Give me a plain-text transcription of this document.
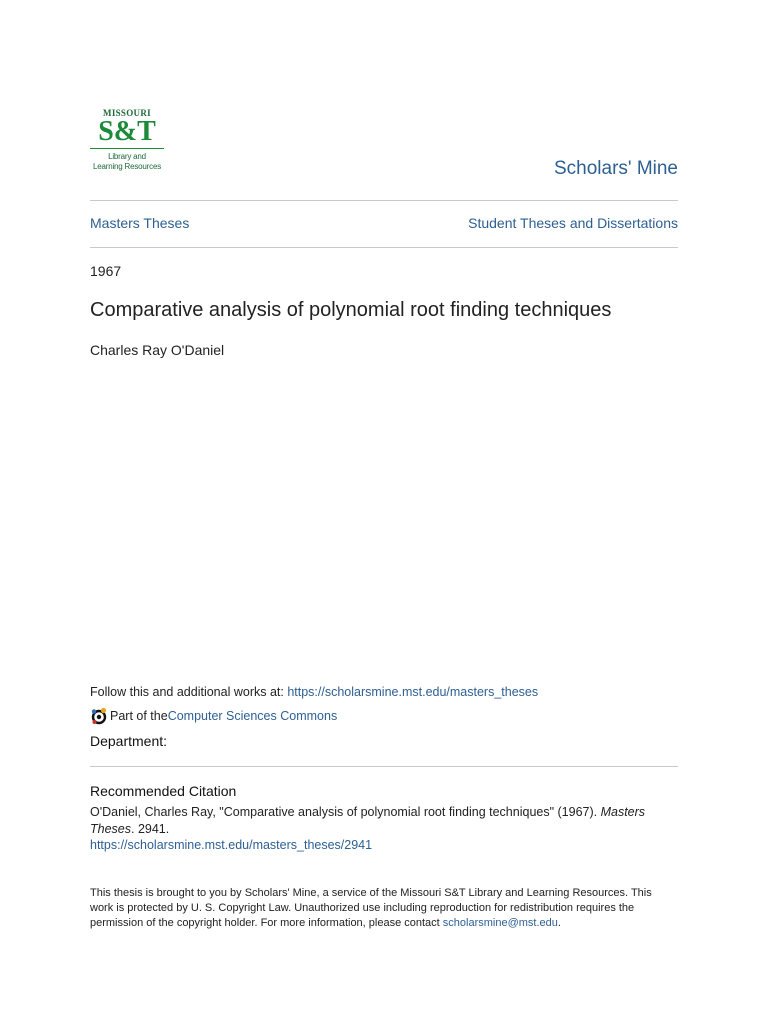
MISSOURI
S&T
Library and
Learning Resources	Scholars' Mine
Masters Theses	Student Theses and Dissertations
1967
Comparative analysis of polynomial root finding techniques
Charles Ray O'Daniel
Follow this and additional works at: https://scholarsmine.mst.edu/masters_theses
Part of the Computer Sciences Commons
Department:
Recommended Citation
O'Daniel, Charles Ray, "Comparative analysis of polynomial root finding techniques" (1967). Masters Theses. 2941.
https://scholarsmine.mst.edu/masters_theses/2941
This thesis is brought to you by Scholars' Mine, a service of the Missouri S&T Library and Learning Resources. This work is protected by U. S. Copyright Law. Unauthorized use including reproduction for redistribution requires the permission of the copyright holder. For more information, please contact scholarsmine@mst.edu.
